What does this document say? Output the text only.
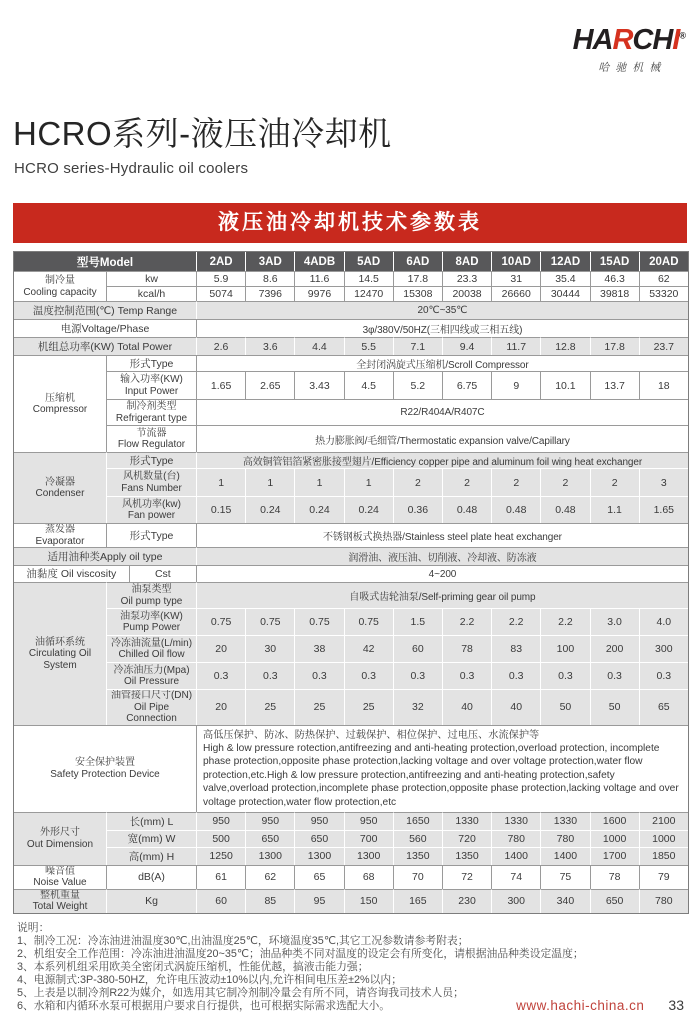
HARCHI®
哈驰机械
HCRO系列-液压油冷却机
HCRO series-Hydraulic oil coolers
液压油冷却机技术参数表
型号Model		2AD	3AD	4ADB	5AD	6AD	8AD	10AD	12AD	15AD	20AD

制冷量
Cooling capacity	kw	5.9	8.6	11.6	14.5	17.8	23.3	31	35.4	46.3	62
	kcal/h	5074	7396	9976	12470	15308	20038	26660	30444	39818	53320
温度控制范围(℃) Temp Range		20℃~35℃									
电源Voltage/Phase		3φ/380V/50HZ(三相四线或三相五线)									
机组总功率(KW) Total Power		2.6	3.6	4.4	5.5	7.1	9.4	11.7	12.8	17.8	23.7

压缩机
Compressor	形式Type	全封闭涡旋式压缩机/Scroll Compressor									

	输入功率(KW)
Input Power	1.65	2.65	3.43	4.5	5.2	6.75	9	10.1	13.7	18

	制冷剂类型
Refrigerant type	R22/R404A/R407C									

	节流器
Flow Regulator	热力膨胀阀/毛细管/Thermostatic expansion valve/Capillary									

冷凝器
Condenser	形式Type	高效铜管铝箔紧密胀接型翅片/Efficiency copper pipe and aluminum foil wing heat exchanger									

	风机数量(台)
Fans Number	1	1	1	1	2	2	2	2	2	3

	风机功率(kw)
Fan power	0.15	0.24	0.24	0.24	0.36	0.48	0.48	0.48	1.1	1.65

蒸发器
Evaporator	形式Type	不锈钢板式换热器/Stainless steel plate heat exchanger									
适用油种类Apply oil type		润滑油、液压油、切削液、冷却液、防冻液									

油黏度 Oil viscosity Cst		4~200									

油循环系统
Circulating Oil System	油泵类型
Oil pump type	自吸式齿轮油泵/Self-priming gear oil pump									

	油泵功率(KW)
Pump Power	0.75	0.75	0.75	0.75	1.5	2.2	2.2	2.2	3.0	4.0

	冷冻油流量(L/min)
Chilled Oil flow	20	30	38	42	60	78	83	100	200	300

	冷冻油压力(Mpa)
Oil Pressure	0.3	0.3	0.3	0.3	0.3	0.3	0.3	0.3	0.3	0.3

	油管接口尺寸(DN)
Oil Pipe Connection	20	25	25	25	32	40	40	50	50	65

安全保护装置
Safety Protection Device		高低压保护、防冰、防热保护、过载保护、相位保护、过电压、水流保护等
High & low pressure rotection,antifreezing and anti-heating protection,overload protection, incomplete phase protection,opposite phase protection,lacking voltage and over voltage protection,water flow protection,etc.High & low pressure protection,antifreezing and anti-heating protection,safety valve,overload protection,incomplete phase protection,opposite phase protection,lacking voltage and over voltage protection,water flow protection,etc									

外形尺寸
Out Dimension	长(mm) L	950	950	950	950	1650	1330	1330	1330	1600	2100
	宽(mm) W	500	650	650	700	560	720	780	780	1000	1000
	高(mm) H	1250	1300	1300	1300	1350	1350	1400	1400	1700	1850

噪音值
Noise Value	dB(A)	61	62	65	68	70	72	74	75	78	79

整机重量
Total Weight	Kg	60	85	95	150	165	230	300	340	650	780
说明：
1、制冷工况：冷冻油进油温度30℃,出油温度25℃，环境温度35℃,其它工况参数请参考附表；
2、机组安全工作范围：冷冻油进油温度20~35℃；油品种类不同对温度的设定会有所变化，请根据油品种类设定温度；
3、本系列机组采用欧美全密闭式涡旋压缩机，性能优越，搞液击能力强；
4、电源制式:3P-380-50HZ，允许电压波动±10%以内,允许相间电压差±2%以内；
5、上表是以制冷剂R22为媒介，如选用其它制冷剂制冷量会有所不同，请咨询我司技术人员；
6、水箱和内循环水泵可根据用户要求自行提供，也可根据实际需求选配大小。	www.hachi-china.cn 33
